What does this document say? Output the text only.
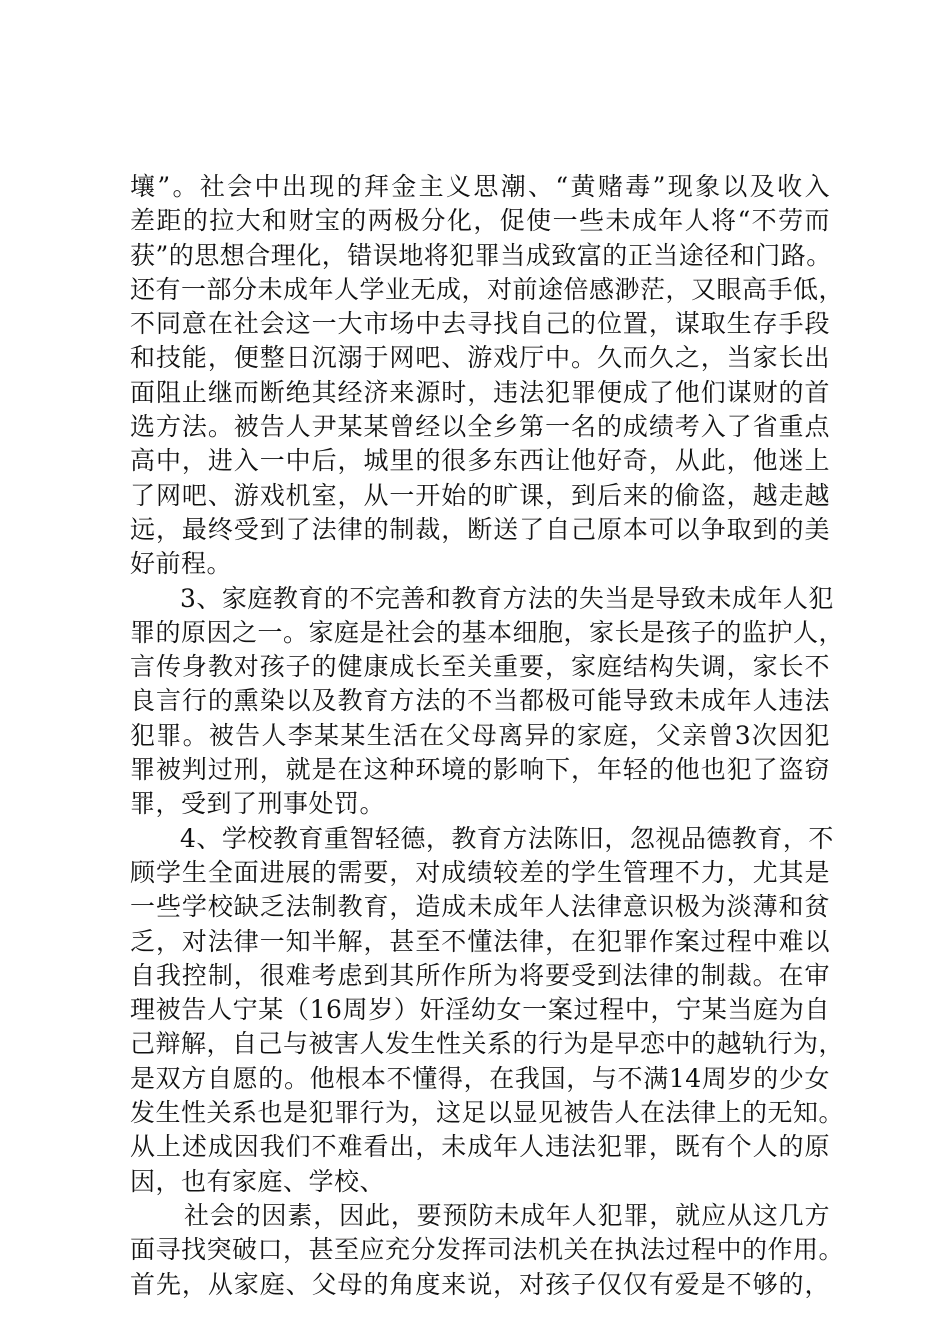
壤”。社会中出现的拜金主义思潮、“黄赌毒”现象以及收入
差距的拉大和财宝的两极分化，促使一些未成年人将“不劳而
获”的思想合理化，错误地将犯罪当成致富的正当途径和门路。
还有一部分未成年人学业无成，对前途倍感渺茫，又眼高手低，
不同意在社会这一大市场中去寻找自己的位置，谋取生存手段
和技能，便整日沉溺于网吧、游戏厅中。久而久之，当家长出
面阻止继而断绝其经济来源时，违法犯罪便成了他们谋财的首
选方法。被告人尹某某曾经以全乡第一名的成绩考入了省重点
高中，进入一中后，城里的很多东西让他好奇，从此，他迷上
了网吧、游戏机室，从一开始的旷课，到后来的偷盗，越走越
远，最终受到了法律的制裁，断送了自己原本可以争取到的美
好前程。
3、家庭教育的不完善和教育方法的失当是导致未成年人犯
罪的原因之一。家庭是社会的基本细胞，家长是孩子的监护人，
言传身教对孩子的健康成长至关重要，家庭结构失调，家长不
良言行的熏染以及教育方法的不当都极可能导致未成年人违法
犯罪。被告人李某某生活在父母离异的家庭，父亲曾3次因犯
罪被判过刑，就是在这种环境的影响下，年轻的他也犯了盗窃
罪，受到了刑事处罚。
4、学校教育重智轻德，教育方法陈旧，忽视品德教育，不
顾学生全面进展的需要，对成绩较差的学生管理不力，尤其是
一些学校缺乏法制教育，造成未成年人法律意识极为淡薄和贫
乏，对法律一知半解，甚至不懂法律，在犯罪作案过程中难以
自我控制，很难考虑到其所作所为将要受到法律的制裁。在审
理被告人宁某（16周岁）奸淫幼女一案过程中，宁某当庭为自
己辩解，自己与被害人发生性关系的行为是早恋中的越轨行为，
是双方自愿的。他根本不懂得，在我国，与不满14周岁的少女
发生性关系也是犯罪行为，这足以显见被告人在法律上的无知。
从上述成因我们不难看出，未成年人违法犯罪，既有个人的原
因，也有家庭、学校、
社会的因素，因此，要预防未成年人犯罪，就应从这几方
面寻找突破口，甚至应充分发挥司法机关在执法过程中的作用。
首先，从家庭、父母的角度来说，对孩子仅仅有爱是不够的，
